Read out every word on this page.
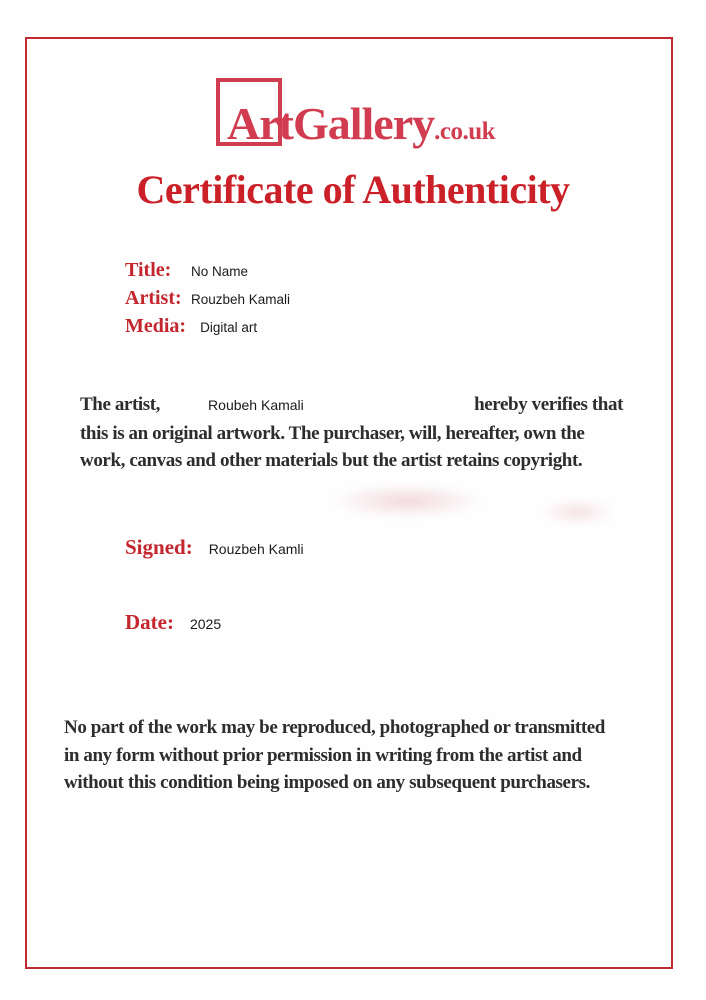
ArtGallery.co.uk
Certificate of Authenticity
Title:	No Name
Artist: Rouzbeh Kamali
Media: Digital art
The artist,	Roubeh Kamali	hereby verifies that
this is an original artwork. The purchaser, will, hereafter, own the
work, canvas and other materials but the artist retains copyright.
Signed: Rouzbeh Kamli
Date: 2025
No part of the work may be reproduced, photographed or transmitted
in any form without prior permission in writing from the artist and
without this condition being imposed on any subsequent purchasers.
